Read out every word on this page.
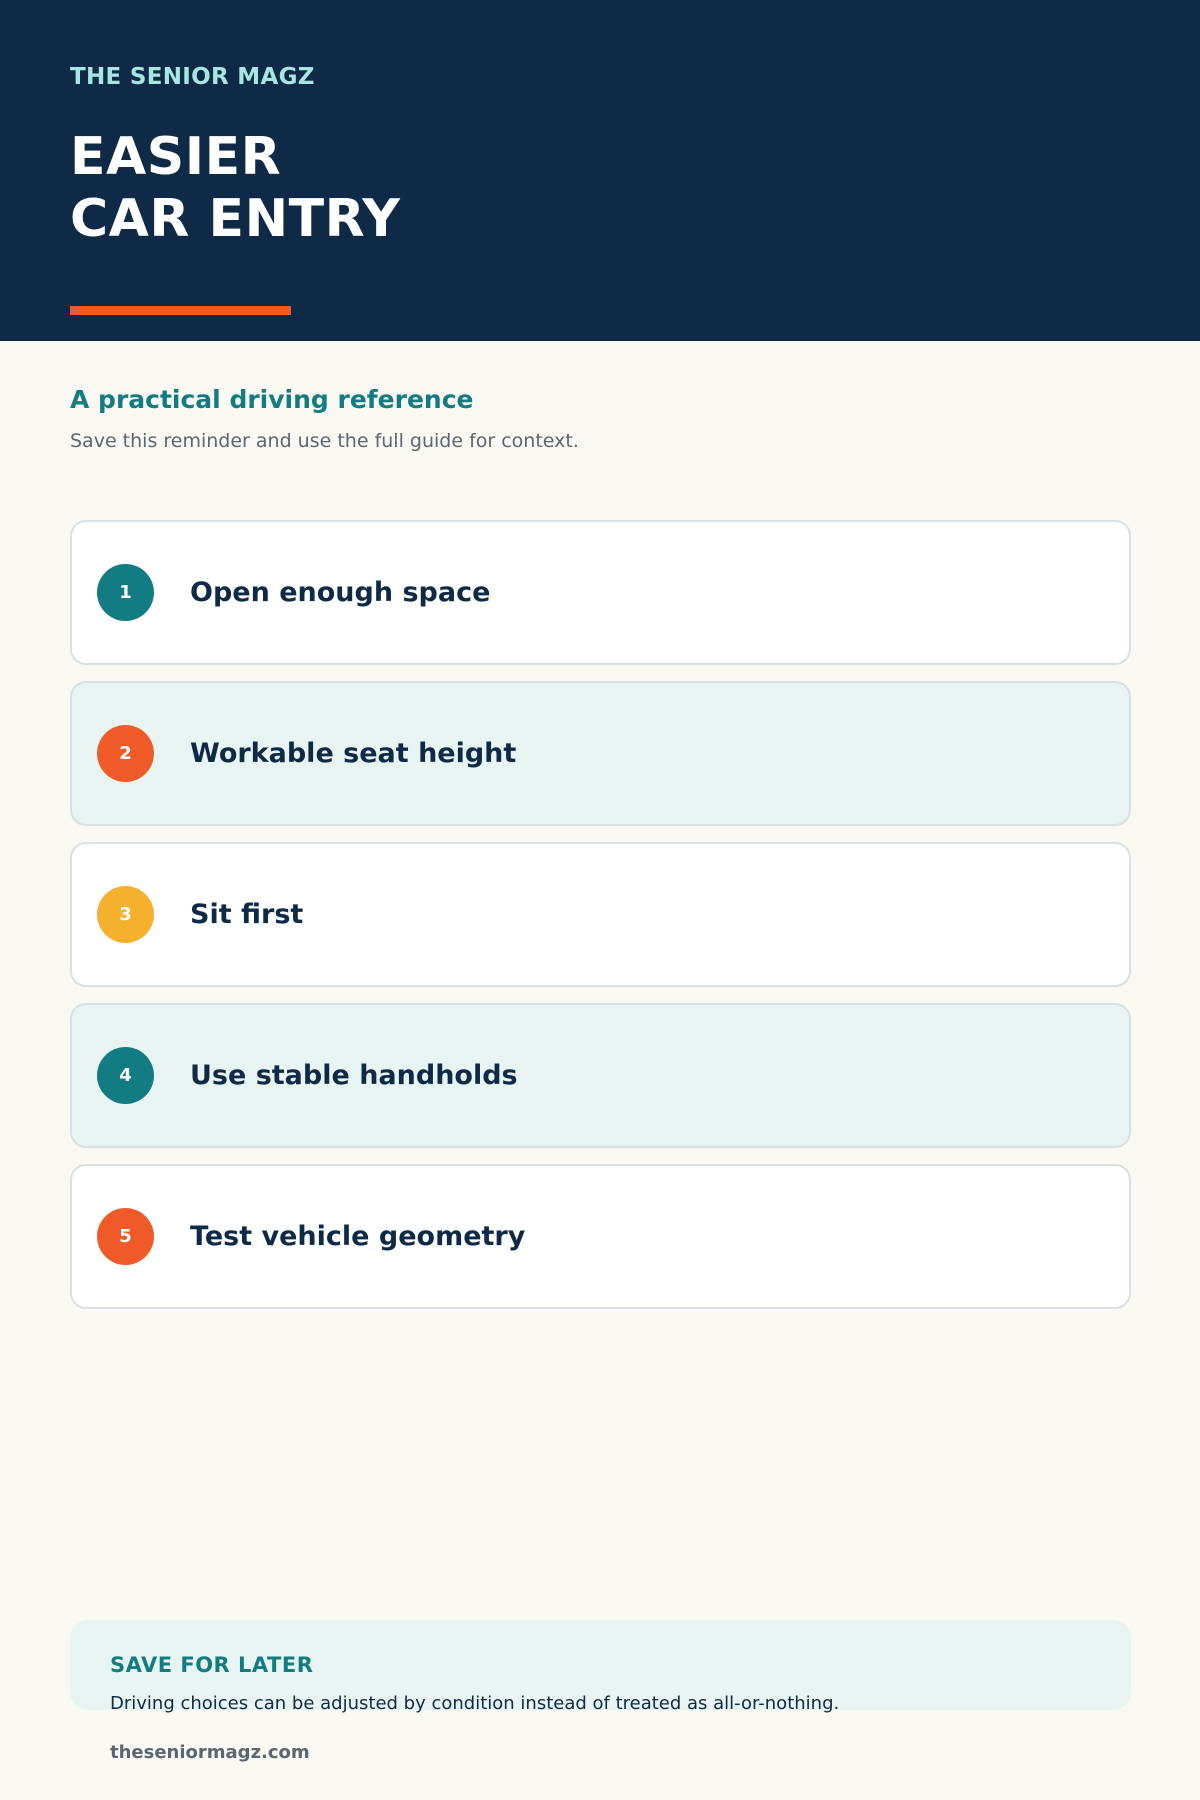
THE SENIOR MAGZ
EASIER
CAR ENTRY
A practical driving reference
Save this reminder and use the full guide for context.
1	Open enough space
2	Workable seat height
3	Sit first
4	Use stable handholds
5	Test vehicle geometry
SAVE FOR LATER
Driving choices can be adjusted by condition instead of treated as all-or-nothing.
theseniormagz.com
